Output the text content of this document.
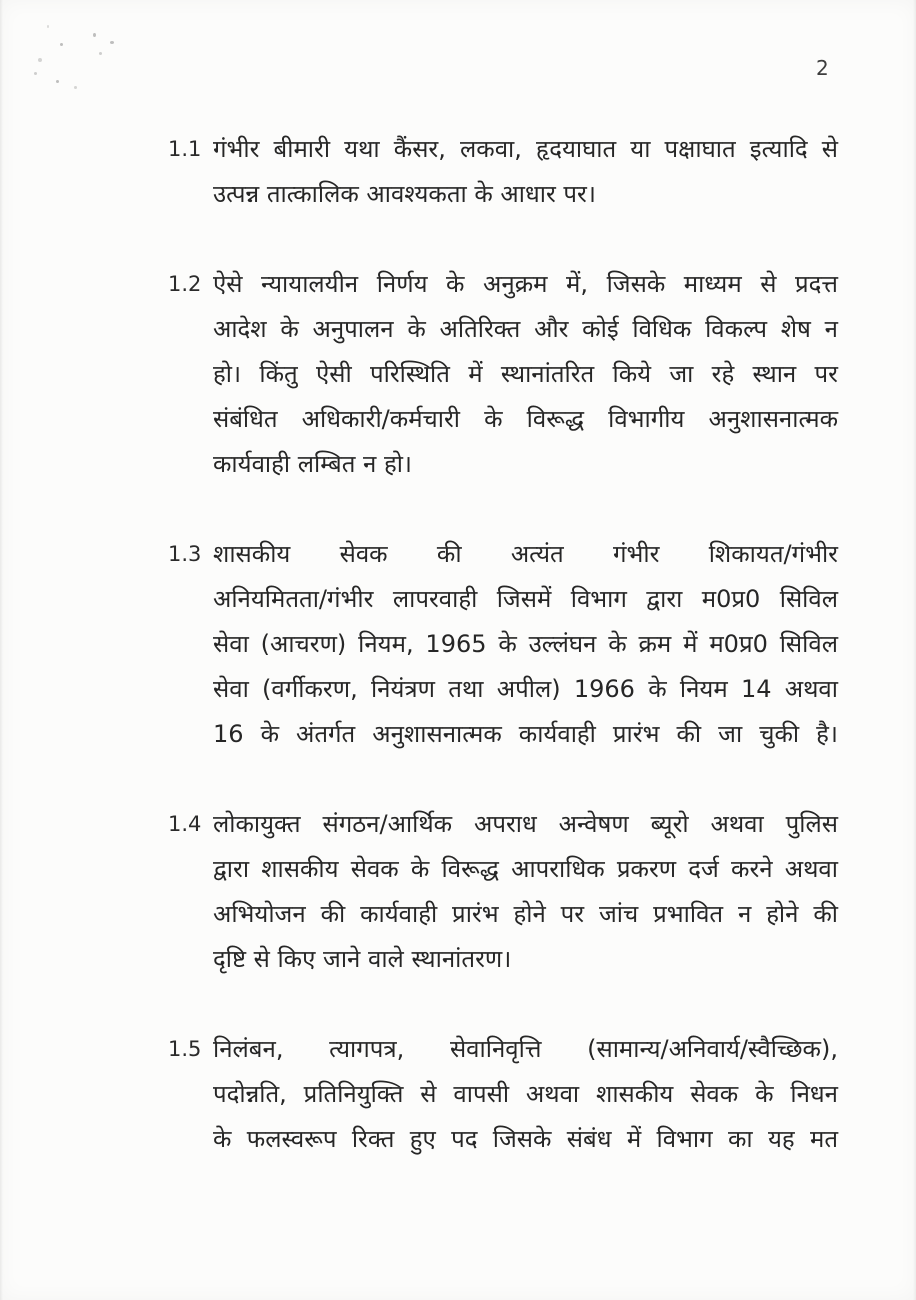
2
1.1 गंभीर बीमारी यथा कैंसर, लकवा, हृदयाघात या पक्षाघात इत्यादि से
उत्पन्न तात्कालिक आवश्यकता के आधार पर।
1.2 ऐसे न्यायालयीन निर्णय के अनुक्रम में, जिसके माध्यम से प्रदत्त
आदेश के अनुपालन के अतिरिक्त और कोई विधिक विकल्प शेष न
हो। किंतु ऐसी परिस्थिति में स्थानांतरित किये जा रहे स्थान पर
संबंधित अधिकारी/कर्मचारी के विरूद्ध विभागीय अनुशासनात्मक
कार्यवाही लम्बित न हो।
1.3 शासकीय सेवक की अत्यंत गंभीर शिकायत/गंभीर
अनियमितता/गंभीर लापरवाही जिसमें विभाग द्वारा म0प्र0 सिविल
सेवा (आचरण) नियम, 1965 के उल्लंघन के क्रम में म0प्र0 सिविल
सेवा (वर्गीकरण, नियंत्रण तथा अपील) 1966 के नियम 14 अथवा
16 के अंतर्गत अनुशासनात्मक कार्यवाही प्रारंभ की जा चुकी है।
1.4 लोकायुक्त संगठन/आर्थिक अपराध अन्वेषण ब्यूरो अथवा पुलिस
द्वारा शासकीय सेवक के विरूद्ध आपराधिक प्रकरण दर्ज करने अथवा
अभियोजन की कार्यवाही प्रारंभ होने पर जांच प्रभावित न होने की
दृष्टि से किए जाने वाले स्थानांतरण।
1.5 निलंबन, त्यागपत्र, सेवानिवृत्ति (सामान्य/अनिवार्य/स्वैच्छिक),
पदोन्नति, प्रतिनियुक्ति से वापसी अथवा शासकीय सेवक के निधन
के फलस्वरूप रिक्त हुए पद जिसके संबंध में विभाग का यह मत
